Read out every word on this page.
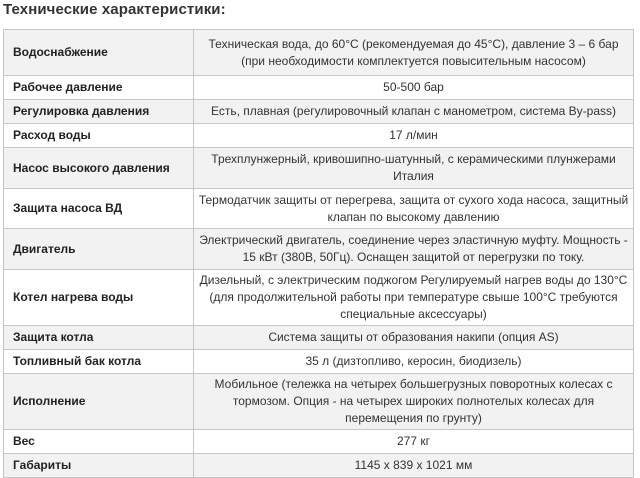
Технические характеристики:
Водоснабжение	Техническая вода, до 60°С (рекомендуемая до 45°С), давление 3 – 6 бар (при необходимости комплектуется повысительным насосом)
Рабочее давление	50-500 бар
Регулировка давления	Есть, плавная (регулировочный клапан с манометром, система By-pass)
Расход воды	17 л/мин
Насос высокого давления	Трехплунжерный, кривошипно-шатунный, с керамическими плунжерами Италия
Защита насоса ВД	Термодатчик защиты от перегрева, защита от сухого хода насоса, защитный клапан по высокому давлению
Двигатель	Электрический двигатель, соединение через эластичную муфту. Мощность - 15 кВт (380В, 50Гц). Оснащен защитой от перегрузки по току.
Котел нагрева воды	Дизельный, с электрическим поджогом Регулируемый нагрев воды до 130°С (для продолжительной работы при температуре свыше 100°С требуются специальные аксессуары)
Защита котла	Система защиты от образования накипи (опция AS)
Топливный бак котла	35 л (дизтопливо, керосин, биодизель)
Исполнение	Мобильное (тележка на четырех большегрузных поворотных колесах с тормозом. Опция - на четырех широких полнотелых колесах для перемещения по грунту)
Вес	277 кг
Габариты	1145 х 839 х 1021 мм
